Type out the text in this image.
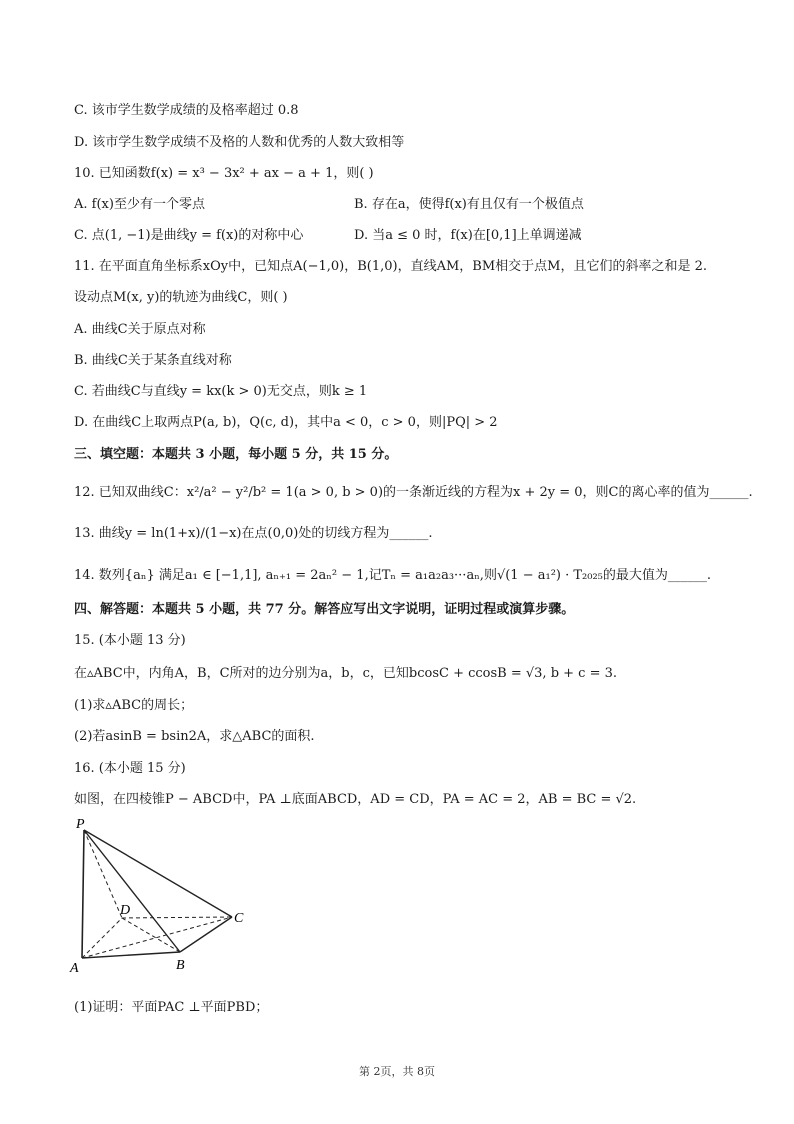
C. 该市学生数学成绩的及格率超过 0.8
D. 该市学生数学成绩不及格的人数和优秀的人数大致相等
10. 已知函数f(x) = x³ − 3x² + ax − a + 1，则( )
A. f(x)至少有一个零点	B. 存在a，使得f(x)有且仅有一个极值点
C. 点(1, −1)是曲线y = f(x)的对称中心	D. 当a ≤ 0 时，f(x)在[0,1]上单调递减
11. 在平面直角坐标系xOy中，已知点A(−1,0)，B(1,0)，直线AM，BM相交于点M，且它们的斜率之和是 2.
设动点M(x, y)的轨迹为曲线C，则( )
A. 曲线C关于原点对称
B. 曲线C关于某条直线对称
C. 若曲线C与直线y = kx(k > 0)无交点，则k ≥ 1
D. 在曲线C上取两点P(a, b)，Q(c, d)，其中a < 0，c > 0，则|PQ| > 2
三、填空题：本题共 3 小题，每小题 5 分，共 15 分。
12. 已知双曲线C：x²/a² − y²/b² = 1(a > 0, b > 0)的一条渐近线的方程为x + 2y = 0，则C的离心率的值为______.
13. 曲线y = ln(1+x)/(1−x)在点(0,0)处的切线方程为______.
14. 数列{aₙ} 满足a₁ ∈ [−1,1], aₙ₊₁ = 2aₙ² − 1,记Tₙ = a₁a₂a₃···aₙ,则√(1 − a₁²) · T₂₀₂₅的最大值为______.
四、解答题：本题共 5 小题，共 77 分。解答应写出文字说明，证明过程或演算步骤。
15. (本小题 13 分)
在▵ABC中，内角A，B，C所对的边分别为a，b，c，已知bcosC + ccosB = √3, b + c = 3.
(1)求▵ABC的周长；
(2)若asinB = bsin2A，求△ABC的面积.
16. (本小题 15 分)
如图，在四棱锥P − ABCD中，PA ⊥底面ABCD，AD = CD，PA = AC = 2，AB = BC = √2.
P
D
C
A	B
(1)证明：平面PAC ⊥平面PBD；
第 2页，共 8页
